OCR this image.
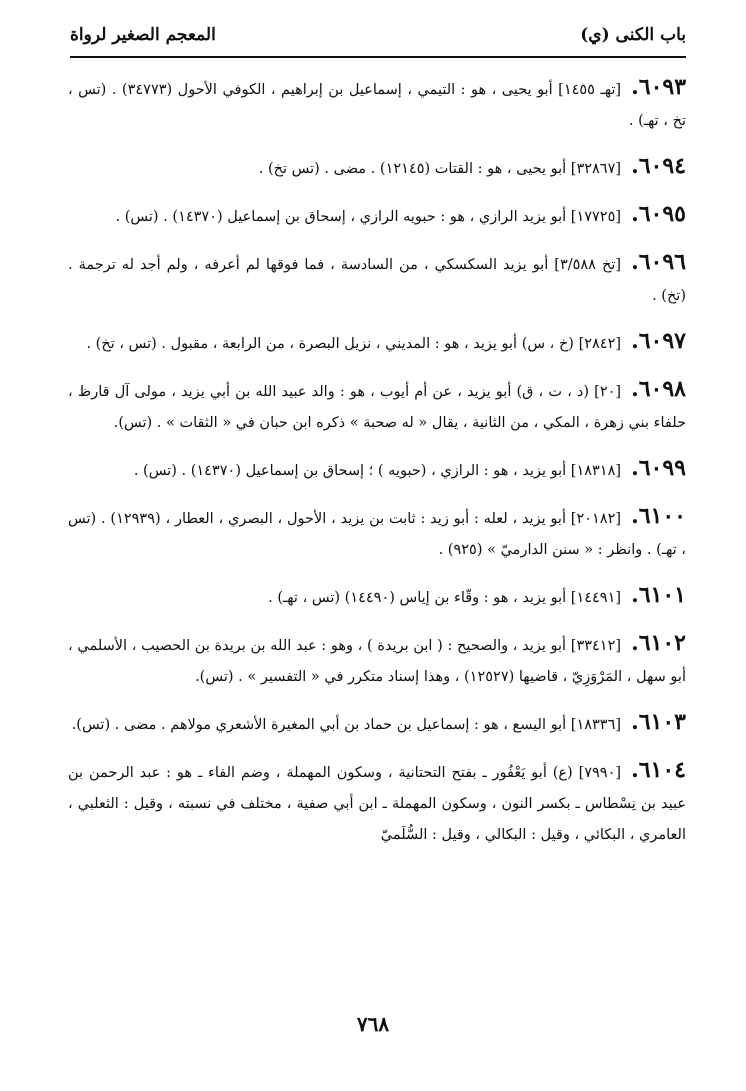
باب الكنى (ي)
المعجم الصغير لرواة
٦٠٩٣.[تهـ ١٤٥٥] أبو يحيى ، هو : التيمي ، إسماعيل بن إبراهيم ، الكوفي الأحول (٣٤٧٧٣) . (تس ، تخ ، تهـ) .
٦٠٩٤.[٣٢٨٦٧] أبو يحيى ، هو : القتات (١٢١٤٥) . مضى . (تس تخ) .
٦٠٩٥.[١٧٧٢٥] أبو يزيد الرازي ، هو : حبويه الرازي ، إسحاق بن إسماعيل (١٤٣٧٠) . (تس) .
٦٠٩٦.[تخ ٣/٥٨٨] أبو يزيد السكسكي ، من السادسة ، فما فوقها لم أعرفه ، ولم أجد له ترجمة . (تخ) .
٦٠٩٧.[٢٨٤٢] (خ ، س) أبو يزيد ، هو : المديني ، نزيل البصرة ، من الرابعة ، مقبول . (تس ، تخ) .
٦٠٩٨.[٢٠] (د ، ت ، ق) أبو يزيد ، عن أم أيوب ، هو : والد عبيد الله بن أبي يزيد ، مولى آل قارظ ، حلفاء بني زهرة ، المكي ، من الثانية ، يقال « له صحبة » ذكره ابن حبان في « الثقات » . (تس).
٦٠٩٩.[١٨٣١٨] أبو يزيد ، هو : الرازي ، (حبويه ) ؛ إسحاق بن إسماعيل (١٤٣٧٠) . (تس) .
٦١٠٠.[٢٠١٨٢] أبو يزيد ، لعله : أبو زيد : ثابت بن يزيد ، الأحول ، البصري ، العطار ، (١٢٩٣٩) . (تس ، تهـ) . وانظر : « سنن الدارميّ » (٩٢٥) .
٦١٠١.[١٤٤٩١] أبو يزيد ، هو : وقّاء بن إياس (١٤٤٩٠) (تس ، تهـ) .
٦١٠٢.[٣٣٤١٢] أبو يزيد ، والصحيح : ( ابن بريدة ) ، وهو : عبد الله بن بريدة بن الحصيب ، الأسلمي ، أبو سهل ، المَرْوَزِيّ ، قاضيها (١٢٥٢٧) ، وهذا إسناد متكرر في « التفسير » . (تس).
٦١٠٣.[١٨٣٣٦] أبو اليسع ، هو : إسماعيل بن حماد بن أبي المغيرة الأشعري مولاهم . مضى . (تس).
٦١٠٤.[٧٩٩٠] (ع) أبو يَعْفُور ـ بفتح التحتانية ، وسكون المهملة ، وضم الفاء ـ هو : عبد الرحمن بن عبيد بن نِسْطاس ـ بكسر النون ، وسكون المهملة ـ ابن أبي صفية ، مختلف في نسبته ، وقيل : الثعلبي ، العامري ، البكائي ، وقيل : البكالي ، وقيل : السُّلَميّ
٧٦٨
